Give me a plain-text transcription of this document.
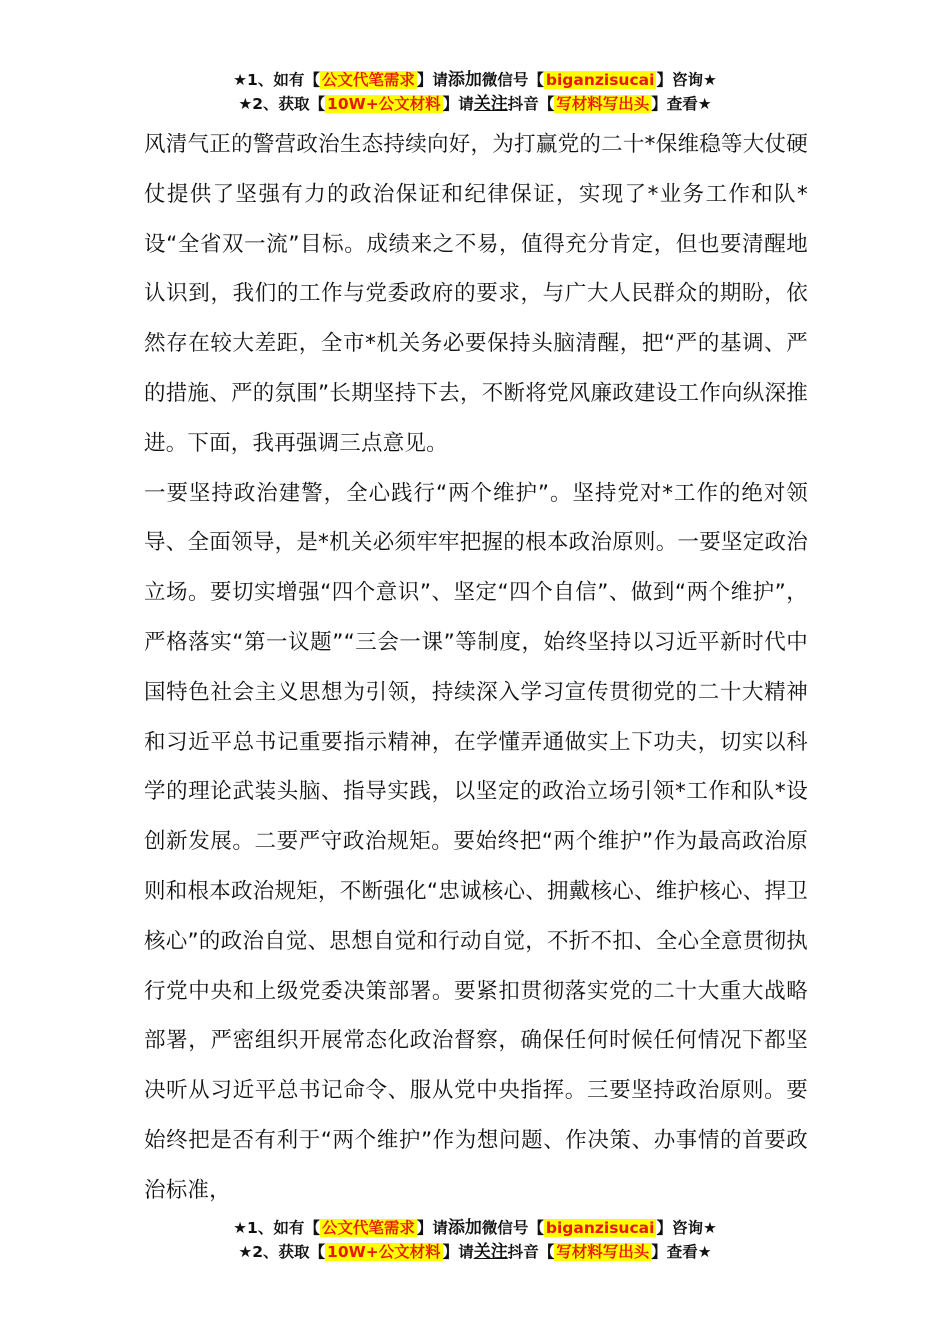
★1、如有【 公文代笔需求 】请添加微信号【 biganzisucai 】咨询★
★2、获取【 10W+公文材料 】请关注抖音【 写材料写出头 】查看★

风清气正的警营政治生态持续向好，为打赢党的二十*保维稳等大仗硬仗提供了坚强有力的政治保证和纪律保证，实现了*业务工作和队*设“全省双一流”目标。成绩来之不易，值得充分肯定，但也要清醒地认识到，我们的工作与党委政府的要求，与广大人民群众的期盼，依然存在较大差距，全市*机关务必要保持头脑清醒，把“严的基调、严的措施、严的氛围”长期坚持下去，不断将党风廉政建设工作向纵深推进。下面，我再强调三点意见。

一要坚持政治建警，全心践行“两个维护”。坚持党对*工作的绝对领导、全面领导，是*机关必须牢牢把握的根本政治原则。一要坚定政治立场。要切实增强“四个意识”、坚定“四个自信”、做到“两个维护”，严格落实“第一议题”“三会一课”等制度，始终坚持以习近平新时代中国特色社会主义思想为引领，持续深入学习宣传贯彻党的二十大精神和习近平总书记重要指示精神，在学懂弄通做实上下功夫，切实以科学的理论武装头脑、指导实践，以坚定的政治立场引领*工作和队*设创新发展。二要严守政治规矩。要始终把“两个维护”作为最高政治原则和根本政治规矩，不断强化“忠诚核心、拥戴核心、维护核心、捍卫核心”的政治自觉、思想自觉和行动自觉，不折不扣、全心全意贯彻执行党中央和上级党委决策部署。要紧扣贯彻落实党的二十大重大战略部署，严密组织开展常态化政治督察，确保任何时候任何情况下都坚决听从习近平总书记命令、服从党中央指挥。三要坚持政治原则。要始终把是否有利于“两个维护”作为想问题、作决策、办事情的首要政治标准，

★1、如有【 公文代笔需求 】请添加微信号【 biganzisucai 】咨询★
★2、获取【 10W+公文材料 】请关注抖音【 写材料写出头 】查看★
